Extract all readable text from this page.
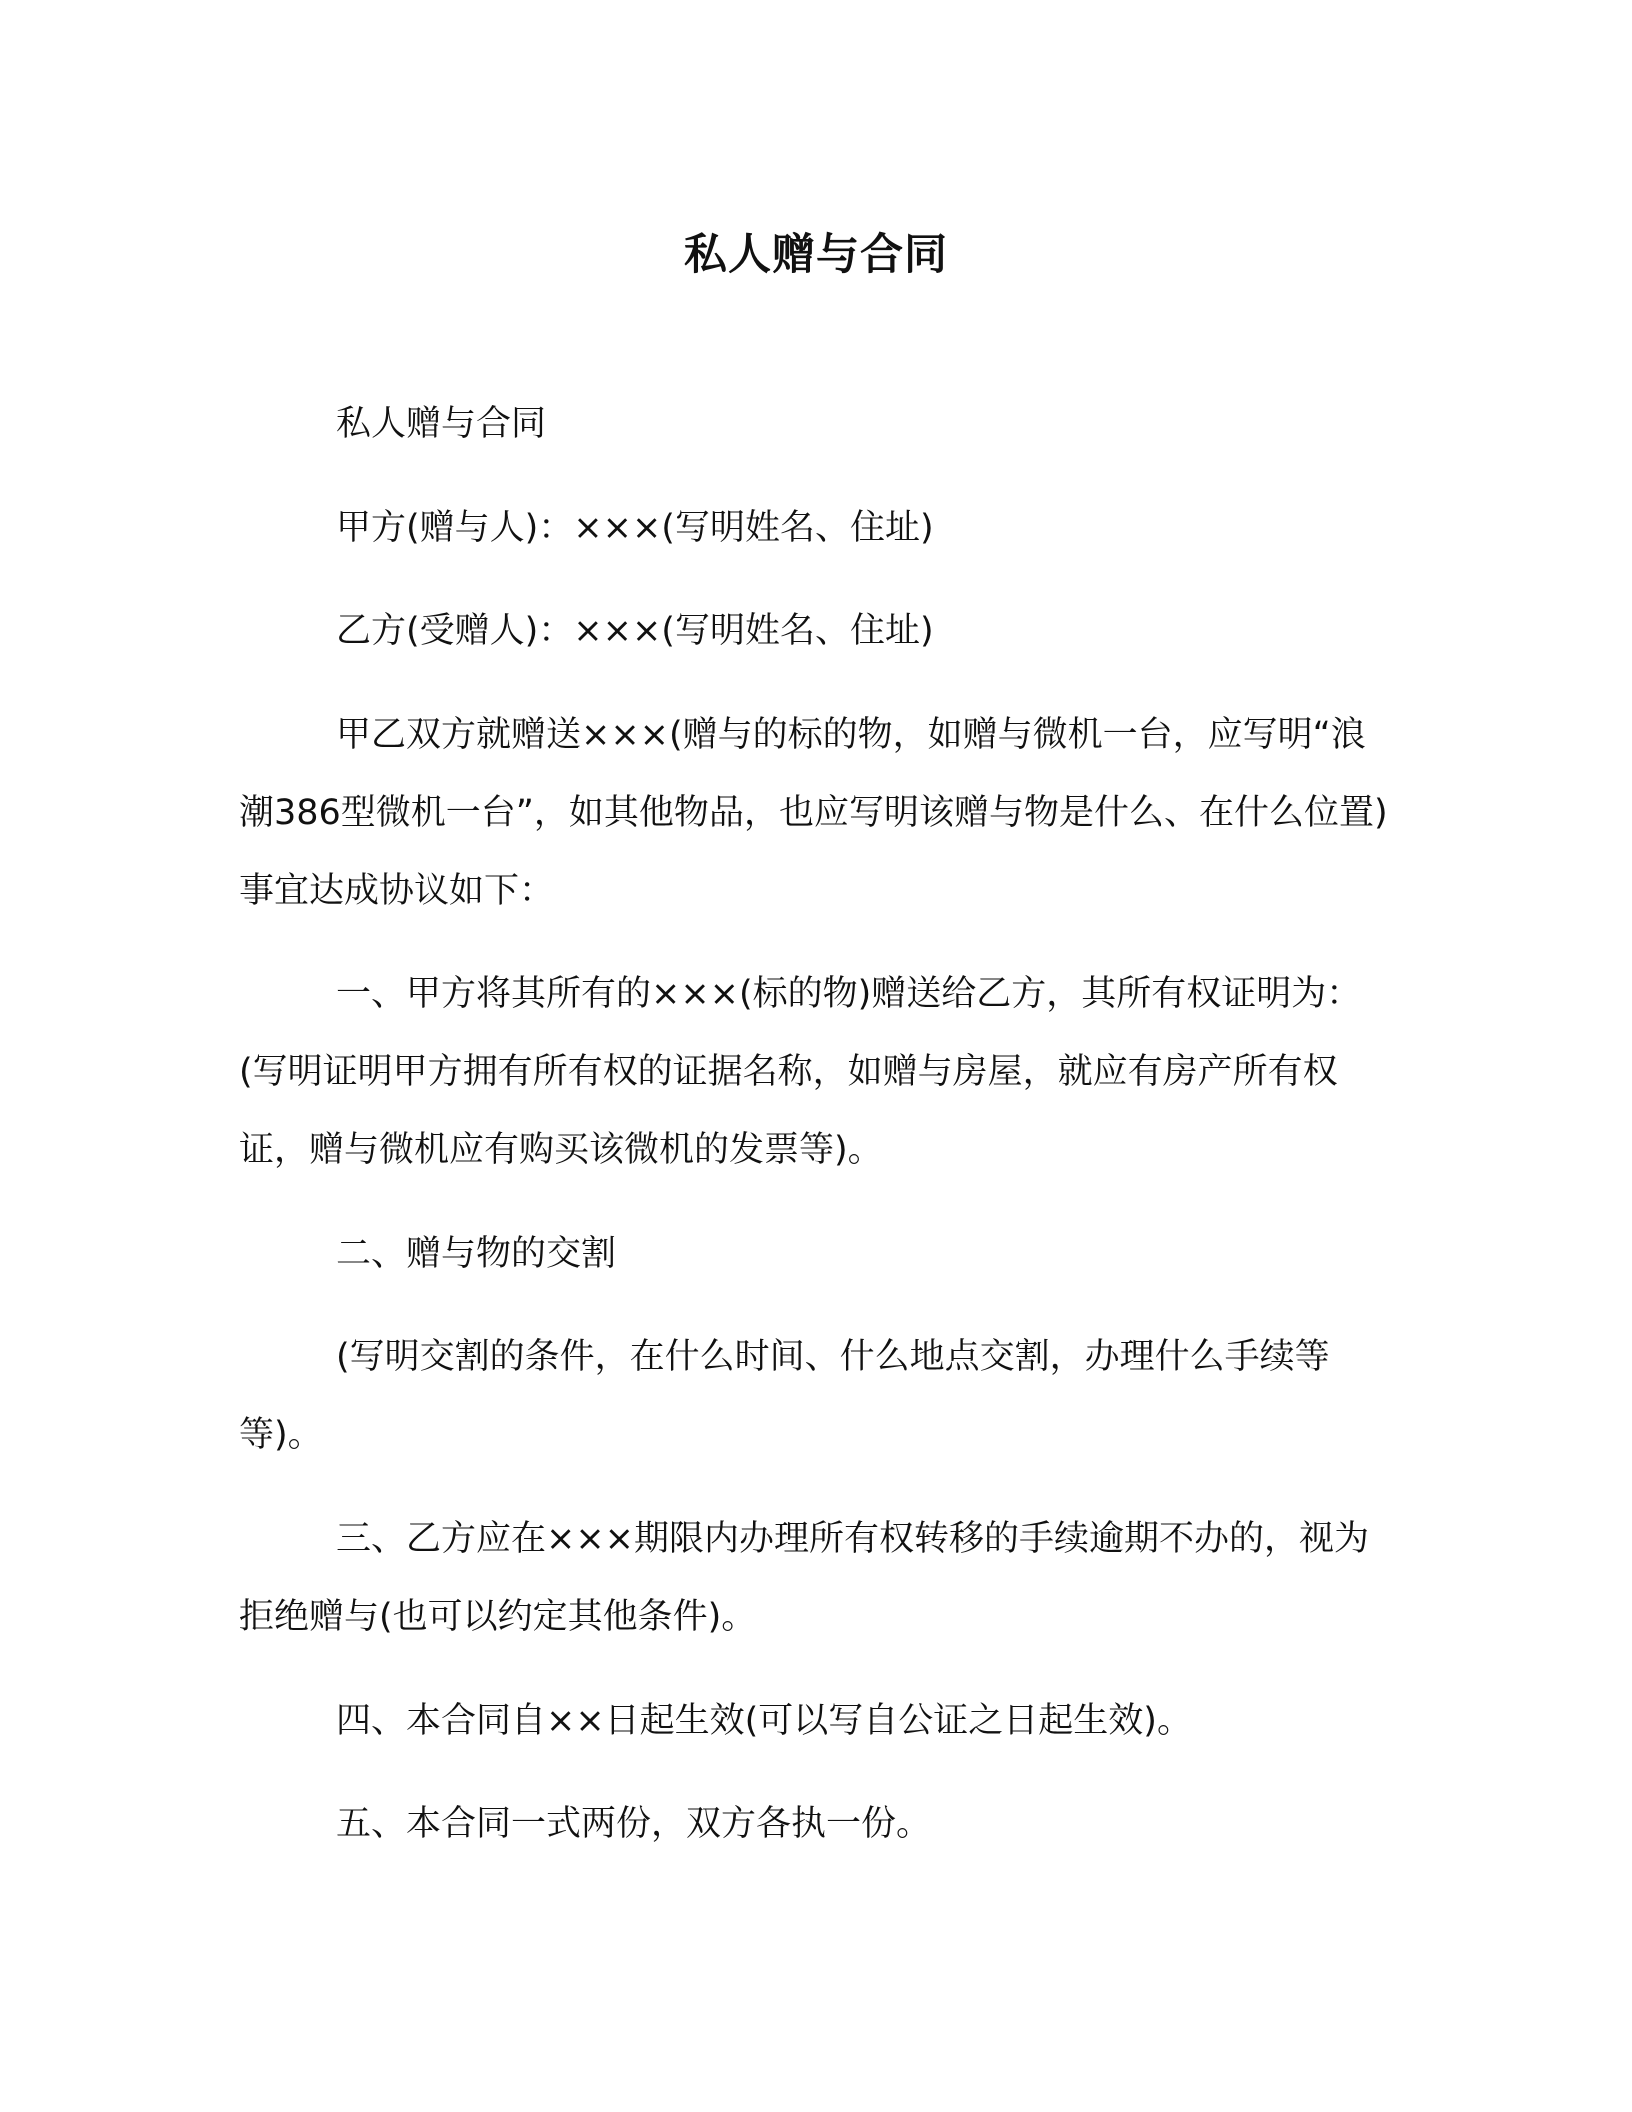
私人赠与合同

私人赠与合同

甲方(赠与人)：×××(写明姓名、住址)

乙方(受赠人)：×××(写明姓名、住址)

甲乙双方就赠送×××(赠与的标的物，如赠与微机一台，应写明“浪潮386型微机一台”，如其他物品，也应写明该赠与物是什么、在什么位置)事宜达成协议如下：

一、甲方将其所有的×××(标的物)赠送给乙方，其所有权证明为：(写明证明甲方拥有所有权的证据名称，如赠与房屋，就应有房产所有权证，赠与微机应有购买该微机的发票等)。

二、赠与物的交割

(写明交割的条件，在什么时间、什么地点交割，办理什么手续等等)。

三、乙方应在×××期限内办理所有权转移的手续逾期不办的，视为拒绝赠与(也可以约定其他条件)。

四、本合同自××日起生效(可以写自公证之日起生效)。

五、本合同一式两份，双方各执一份。
